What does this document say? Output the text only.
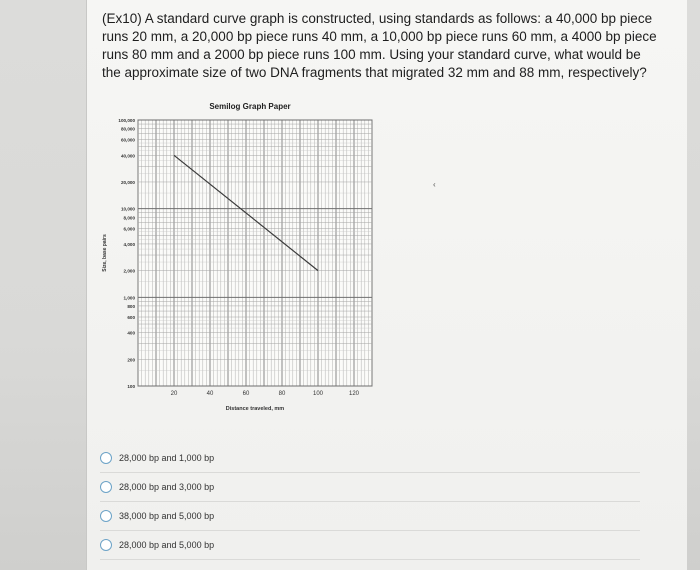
(Ex10) A standard curve graph is constructed, using standards as follows: a 40,000 bp piece runs 20 mm, a 20,000 bp piece runs 40 mm, a 10,000 bp piece runs 60 mm, a 4000 bp piece runs 80 mm and a 2000 bp piece runs 100 mm. Using your standard curve, what would be the approximate size of two DNA fragments that migrated 32 mm and 88 mm, respectively?
Semilog Graph Paper
100,000
80,000
60,000
40,000
20,000
10,000
8,000
6,000
4,000
2,000
1,000
800
600
400
200
100
20	40	60	80	100	120
Distance traveled, mm
Size, base pairs
‹
28,000 bp and 1,000 bp
28,000 bp and 3,000 bp
38,000 bp and 5,000 bp
28,000 bp and 5,000 bp
